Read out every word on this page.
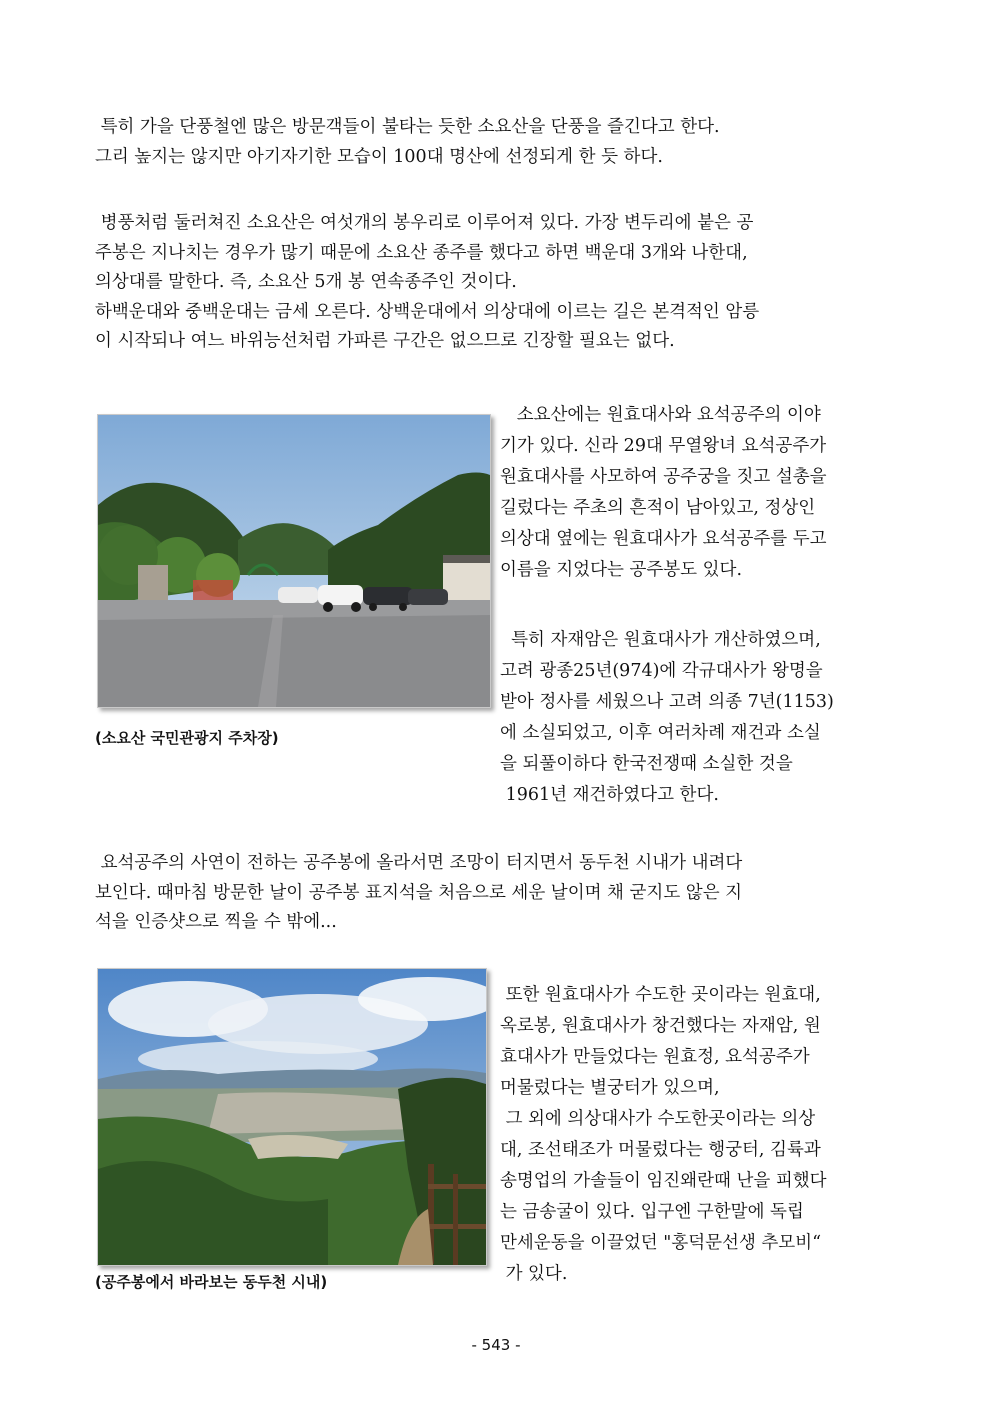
특히 가을 단풍철엔 많은 방문객들이 불타는 듯한 소요산을 단풍을 즐긴다고 한다.
그리 높지는 않지만 아기자기한 모습이 100대 명산에 선정되게 한 듯 하다.
병풍처럼 둘러쳐진 소요산은 여섯개의 봉우리로 이루어져 있다. 가장 변두리에 붙은 공
주봉은 지나치는 경우가 많기 때문에 소요산 종주를 했다고 하면 백운대 3개와 나한대,
의상대를 말한다. 즉, 소요산 5개 봉 연속종주인 것이다.
하백운대와 중백운대는 금세 오른다. 상백운대에서 의상대에 이르는 길은 본격적인 암릉
이 시작되나 여느 바위능선처럼 가파른 구간은 없으므로 긴장할 필요는 없다.
(소요산 국민관광지 주차장)
소요산에는 원효대사와 요석공주의 이야
기가 있다. 신라 29대 무열왕녀 요석공주가
원효대사를 사모하여 공주궁을 짓고 설총을
길렀다는 주초의 흔적이 남아있고, 정상인
의상대 옆에는 원효대사가 요석공주를 두고
이름을 지었다는 공주봉도 있다.
특히 자재암은 원효대사가 개산하였으며,
고려 광종25년(974)에 각규대사가 왕명을
받아 정사를 세웠으나 고려 의종 7년(1153)
에 소실되었고, 이후 여러차례 재건과 소실
을 되풀이하다 한국전쟁때 소실한 것을
1961년 재건하였다고 한다.
요석공주의 사연이 전하는 공주봉에 올라서면 조망이 터지면서 동두천 시내가 내려다
보인다. 때마침 방문한 날이 공주봉 표지석을 처음으로 세운 날이며 채 굳지도 않은 지
석을 인증샷으로 찍을 수 밖에...
(공주봉에서 바라보는 동두천 시내)
또한 원효대사가 수도한 곳이라는 원효대,
옥로봉, 원효대사가 창건했다는 자재암, 원
효대사가 만들었다는 원효정, 요석공주가
머물렀다는 별궁터가 있으며,
그 외에 의상대사가 수도한곳이라는 의상
대, 조선태조가 머물렀다는 행궁터, 김륙과
송명업의 가솔들이 임진왜란때 난을 피했다
는 금송굴이 있다. 입구엔 구한말에 독립
만세운동을 이끌었던 "홍덕문선생 추모비“
가 있다.
- 543 -
